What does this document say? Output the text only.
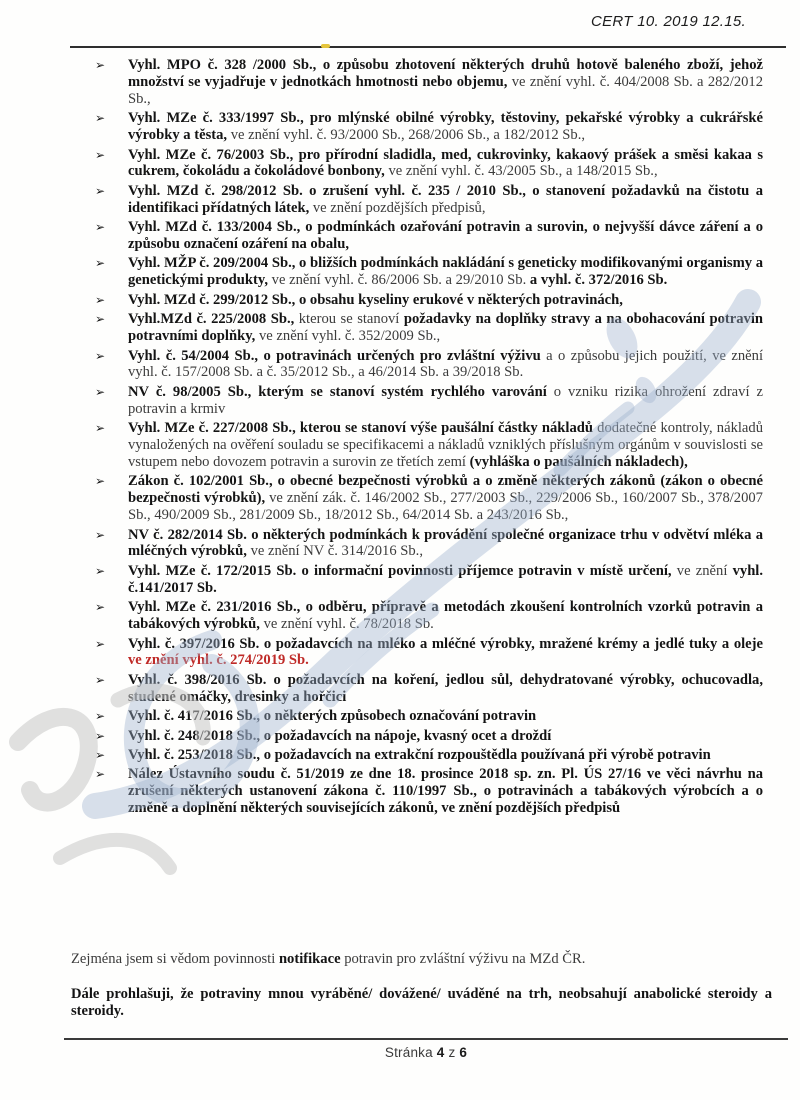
CERT 10. 2019 12.15.
➢	Vyhl. MPO č. 328 /2000 Sb., o způsobu zhotovení některých druhů hotově baleného zboží, jehož množství se vyjadřuje v jednotkách hmotnosti nebo objemu, ve znění vyhl. č. 404/2008 Sb. a 282/2012 Sb.,
➢	Vyhl. MZe č. 333/1997 Sb., pro mlýnské obilné výrobky, těstoviny, pekařské výrobky a cukrářské výrobky a těsta, ve znění vyhl. č. 93/2000 Sb., 268/2006 Sb., a 182/2012 Sb.,
➢	Vyhl. MZe č. 76/2003 Sb., pro přírodní sladidla, med, cukrovinky, kakaový prášek a směsi kakaa s cukrem, čokoládu a čokoládové bonbony, ve znění vyhl. č. 43/2005 Sb., a 148/2015 Sb.,
➢	Vyhl. MZd č. 298/2012 Sb. o zrušení vyhl. č. 235 / 2010 Sb., o stanovení požadavků na čistotu a identifikaci přídatných látek, ve znění pozdějších předpisů,
➢	Vyhl. MZd č. 133/2004 Sb., o podmínkách ozařování potravin a surovin, o nejvyšší dávce záření a o způsobu označení ozáření na obalu,
➢	Vyhl. MŽP č. 209/2004 Sb., o bližších podmínkách nakládání s geneticky modifikovanými organismy a genetickými produkty, ve znění vyhl. č. 86/2006 Sb. a 29/2010 Sb. a vyhl. č. 372/2016 Sb.
➢	Vyhl. MZd č. 299/2012 Sb., o obsahu kyseliny erukové v některých potravinách,
➢	Vyhl.MZd č. 225/2008 Sb., kterou se stanoví požadavky na doplňky stravy a na obohacování potravin potravními doplňky, ve znění vyhl. č. 352/2009 Sb.,
➢	Vyhl. č. 54/2004 Sb., o potravinách určených pro zvláštní výživu a o způsobu jejich použití, ve znění vyhl. č. 157/2008 Sb. a č. 35/2012 Sb., a 46/2014 Sb. a 39/2018 Sb.
➢	NV č. 98/2005 Sb., kterým se stanoví systém rychlého varování o vzniku rizika ohrožení zdraví z potravin a krmiv
➢	Vyhl. MZe č. 227/2008 Sb., kterou se stanoví výše paušální částky nákladů dodatečné kontroly, nákladů vynaložených na ověření souladu se specifikacemi a nákladů vzniklých příslušným orgánům v souvislosti se vstupem nebo dovozem potravin a surovin ze třetích zemí (vyhláška o paušálních nákladech),
➢	Zákon č. 102/2001 Sb., o obecné bezpečnosti výrobků a o změně některých zákonů (zákon o obecné bezpečnosti výrobků), ve znění zák. č. 146/2002 Sb., 277/2003 Sb., 229/2006 Sb., 160/2007 Sb., 378/2007 Sb., 490/2009 Sb., 281/2009 Sb., 18/2012 Sb., 64/2014 Sb. a 243/2016 Sb.,
➢	NV č. 282/2014 Sb. o některých podmínkách k provádění společné organizace trhu v odvětví mléka a mléčných výrobků, ve znění NV č. 314/2016 Sb.,
➢	Vyhl. MZe č. 172/2015 Sb. o informační povinnosti příjemce potravin v místě určení, ve znění vyhl. č.141/2017 Sb.
➢	Vyhl. MZe č. 231/2016 Sb., o odběru, přípravě a metodách zkoušení kontrolních vzorků potravin a tabákových výrobků, ve znění vyhl. č. 78/2018 Sb.
➢	Vyhl. č. 397/2016 Sb. o požadavcích na mléko a mléčné výrobky, mražené krémy a jedlé tuky a oleje ve znění vyhl. č. 274/2019 Sb.
➢	Vyhl. č. 398/2016 Sb. o požadavcích na koření, jedlou sůl, dehydratované výrobky, ochucovadla, studené omáčky, dresinky a hořčici
➢	Vyhl. č. 417/2016 Sb., o některých způsobech označování potravin
➢	Vyhl. č. 248/2018 Sb., o požadavcích na nápoje, kvasný ocet a droždí
➢	Vyhl. č. 253/2018 Sb., o požadavcích na extrakční rozpouštědla používaná při výrobě potravin
➢	Nález Ústavního soudu č. 51/2019 ze dne 18. prosince 2018 sp. zn. Pl. ÚS 27/16 ve věci návrhu na zrušení některých ustanovení zákona č. 110/1997 Sb., o potravinách a tabákových výrobcích a o změně a doplnění některých souvisejících zákonů, ve znění pozdějších předpisů

Zejména jsem si vědom povinnosti notifikace potravin pro zvláštní výživu na MZd ČR.

Dále prohlašuji, že potraviny mnou vyráběné/ dovážené/ uváděné na trh, neobsahují anabolické steroidy a steroidy.

Stránka 4 z 6
